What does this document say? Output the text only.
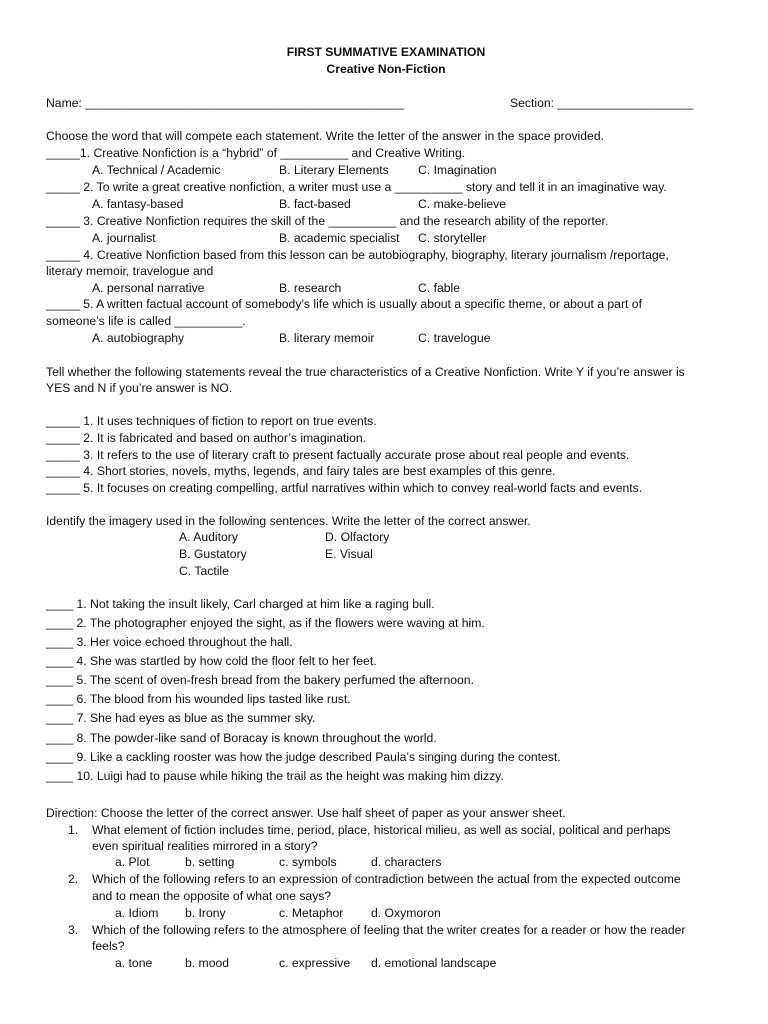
FIRST SUMMATIVE EXAMINATION
Creative Non-Fiction
Name: _______________________________________________	Section: ____________________
Choose the word that will compete each statement. Write the letter of the answer in the space provided.
_____1. Creative Nonfiction is a “hybrid” of __________ and Creative Writing.
A. Technical / Academic	B. Literary Elements C. Imagination
_____ 2. To write a great creative nonfiction, a writer must use a __________ story and tell it in an imaginative way.
A. fantasy-based	B. fact-based	C. make-believe
_____ 3. Creative Nonfiction requires the skill of the __________ and the research ability of the reporter.
A. journalist	B. academic specialist C. storyteller
_____ 4. Creative Nonfiction based from this lesson can be autobiography, biography, literary journalism /reportage,
literary memoir, travelogue and
A. personal narrative	B. research	C. fable
_____ 5. A written factual account of somebody’s life which is usually about a specific theme, or about a part of
someone’s life is called __________.
A. autobiography	B. literary memoir	C. travelogue
Tell whether the following statements reveal the true characteristics of a Creative Nonfiction. Write Y if you’re answer is
YES and N if you’re answer is NO.
_____ 1. It uses techniques of fiction to report on true events.
_____ 2. It is fabricated and based on author’s imagination.
_____ 3. It refers to the use of literary craft to present factually accurate prose about real people and events.
_____ 4. Short stories, novels, myths, legends, and fairy tales are best examples of this genre.
_____ 5. It focuses on creating compelling, artful narratives within which to convey real-world facts and events.
Identify the imagery used in the following sentences. Write the letter of the correct answer.
A. Auditory	D. Olfactory
B. Gustatory	E. Visual
C. Tactile
____ 1. Not taking the insult likely, Carl charged at him like a raging bull.
____ 2. The photographer enjoyed the sight, as if the flowers were waving at him.
____ 3. Her voice echoed throughout the hall.
____ 4. She was startled by how cold the floor felt to her feet.
____ 5. The scent of oven-fresh bread from the bakery perfumed the afternoon.
____ 6. The blood from his wounded lips tasted like rust.
____ 7. She had eyes as blue as the summer sky.
____ 8. The powder-like sand of Boracay is known throughout the world.
____ 9. Like a cackling rooster was how the judge described Paula’s singing during the contest.
____ 10. Luigi had to pause while hiking the trail as the height was making him dizzy.
Direction: Choose the letter of the correct answer. Use half sheet of paper as your answer sheet.
1. What element of fiction includes time, period, place, historical milieu, as well as social, political and perhaps
even spiritual realities mirrored in a story?
a. Plot	b. setting	c. symbols	d. characters
2. Which of the following refers to an expression of contradiction between the actual from the expected outcome
and to mean the opposite of what one says?
a. Idiom b. Irony	c. Metaphor d. Oxymoron
3. Which of the following refers to the atmosphere of feeling that the writer creates for a reader or how the reader
feels?
a. tone	b. mood	c. expressive d. emotional landscape
